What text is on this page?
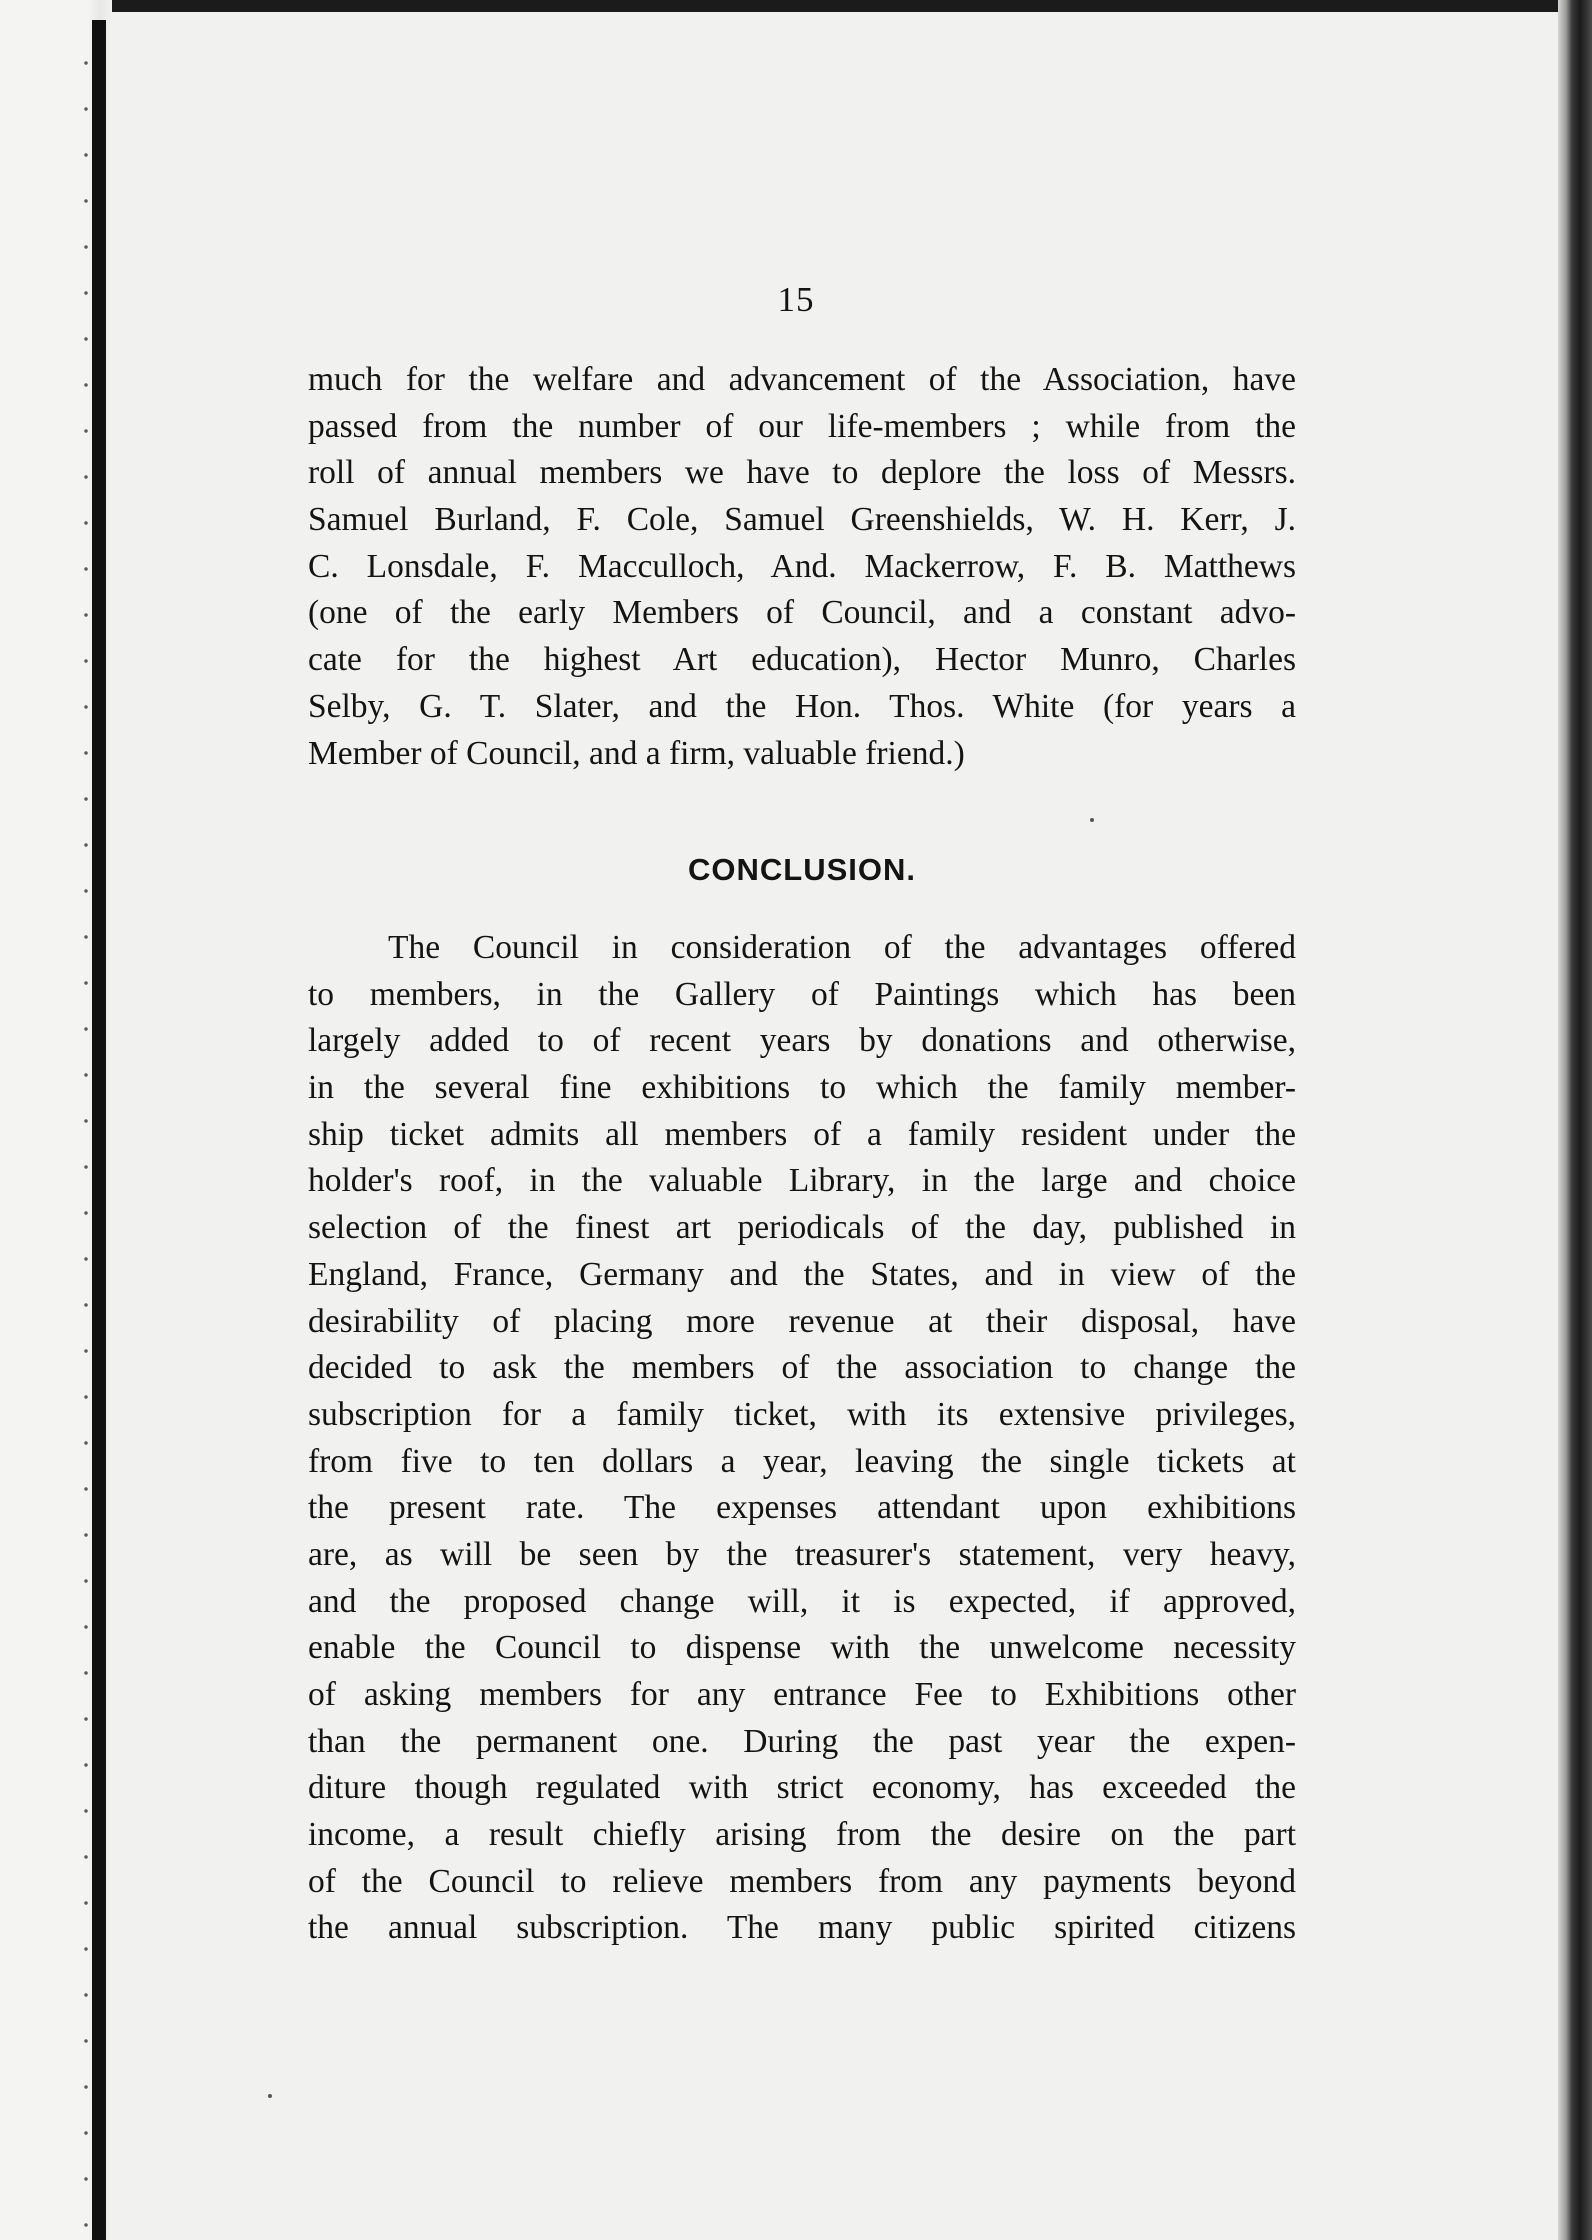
15
much for the welfare and advancement of the Association, have
passed from the number of our life-members ; while from the
roll of annual members we have to deplore the loss of Messrs.
Samuel Burland, F. Cole, Samuel Greenshields, W. H. Kerr, J.
C. Lonsdale, F. Macculloch, And. Mackerrow, F. B. Matthews
(one of the early Members of Council, and a constant advo-
cate for the highest Art education), Hector Munro, Charles
Selby, G. T. Slater, and the Hon. Thos. White (for years a
Member of Council, and a firm, valuable friend.)
CONCLUSION.
The Council in consideration of the advantages offered
to members, in the Gallery of Paintings which has been
largely added to of recent years by donations and otherwise,
in the several fine exhibitions to which the family member-
ship ticket admits all members of a family resident under the
holder's roof, in the valuable Library, in the large and choice
selection of the finest art periodicals of the day, published in
England, France, Germany and the States, and in view of the
desirability of placing more revenue at their disposal, have
decided to ask the members of the association to change the
subscription for a family ticket, with its extensive privileges,
from five to ten dollars a year, leaving the single tickets at
the present rate. The expenses attendant upon exhibitions
are, as will be seen by the treasurer's statement, very heavy,
and the proposed change will, it is expected, if approved,
enable the Council to dispense with the unwelcome necessity
of asking members for any entrance Fee to Exhibitions other
than the permanent one. During the past year the expen-
diture though regulated with strict economy, has exceeded the
income, a result chiefly arising from the desire on the part
of the Council to relieve members from any payments beyond
the annual subscription. The many public spirited citizens
